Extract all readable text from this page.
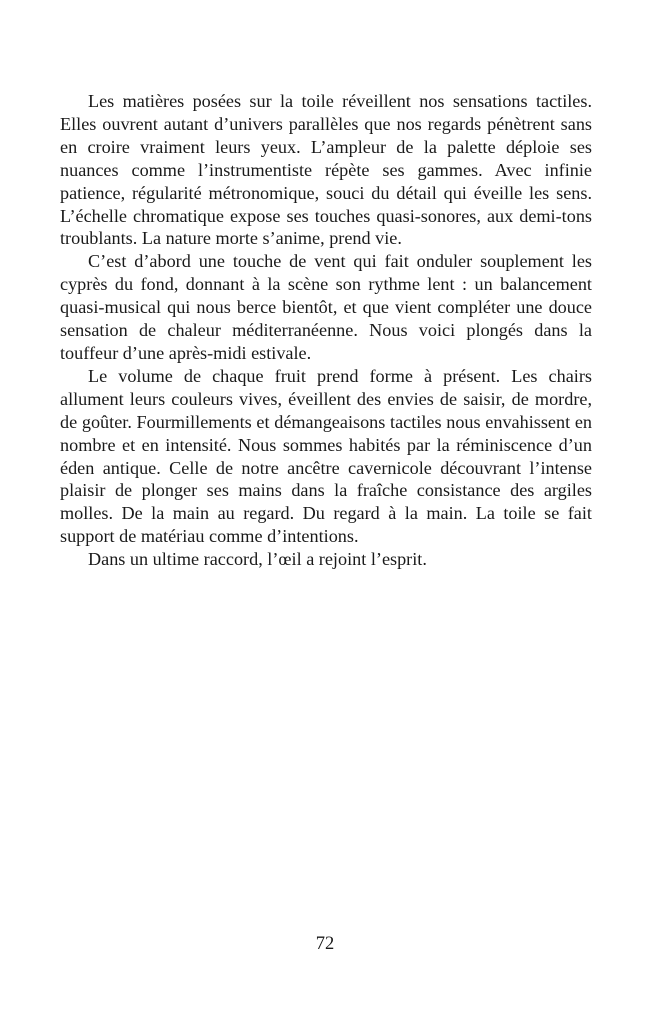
Les matières posées sur la toile réveillent nos sensations tactiles. Elles ouvrent autant d’univers parallèles que nos regards pénètrent sans en croire vraiment leurs yeux. L’ampleur de la palette déploie ses nuances comme l’instrumentiste répète ses gammes. Avec infinie patience, régularité métronomique, souci du détail qui éveille les sens. L’échelle chromatique expose ses touches quasi-sonores, aux demi-tons troublants. La nature morte s’anime, prend vie.

C’est d’abord une touche de vent qui fait onduler souplement les cyprès du fond, donnant à la scène son rythme lent : un balancement quasi-musical qui nous berce bientôt, et que vient compléter une douce sensation de chaleur méditerranéenne. Nous voici plongés dans la touffeur d’une après-midi estivale.

Le volume de chaque fruit prend forme à présent. Les chairs allument leurs couleurs vives, éveillent des envies de saisir, de mordre, de goûter. Fourmillements et démangeaisons tactiles nous envahissent en nombre et en intensité. Nous sommes habités par la réminiscence d’un éden antique. Celle de notre ancêtre cavernicole découvrant l’intense plaisir de plonger ses mains dans la fraîche consistance des argiles molles. De la main au regard. Du regard à la main. La toile se fait support de matériau comme d’intentions.

Dans un ultime raccord, l’œil a rejoint l’esprit.

72
